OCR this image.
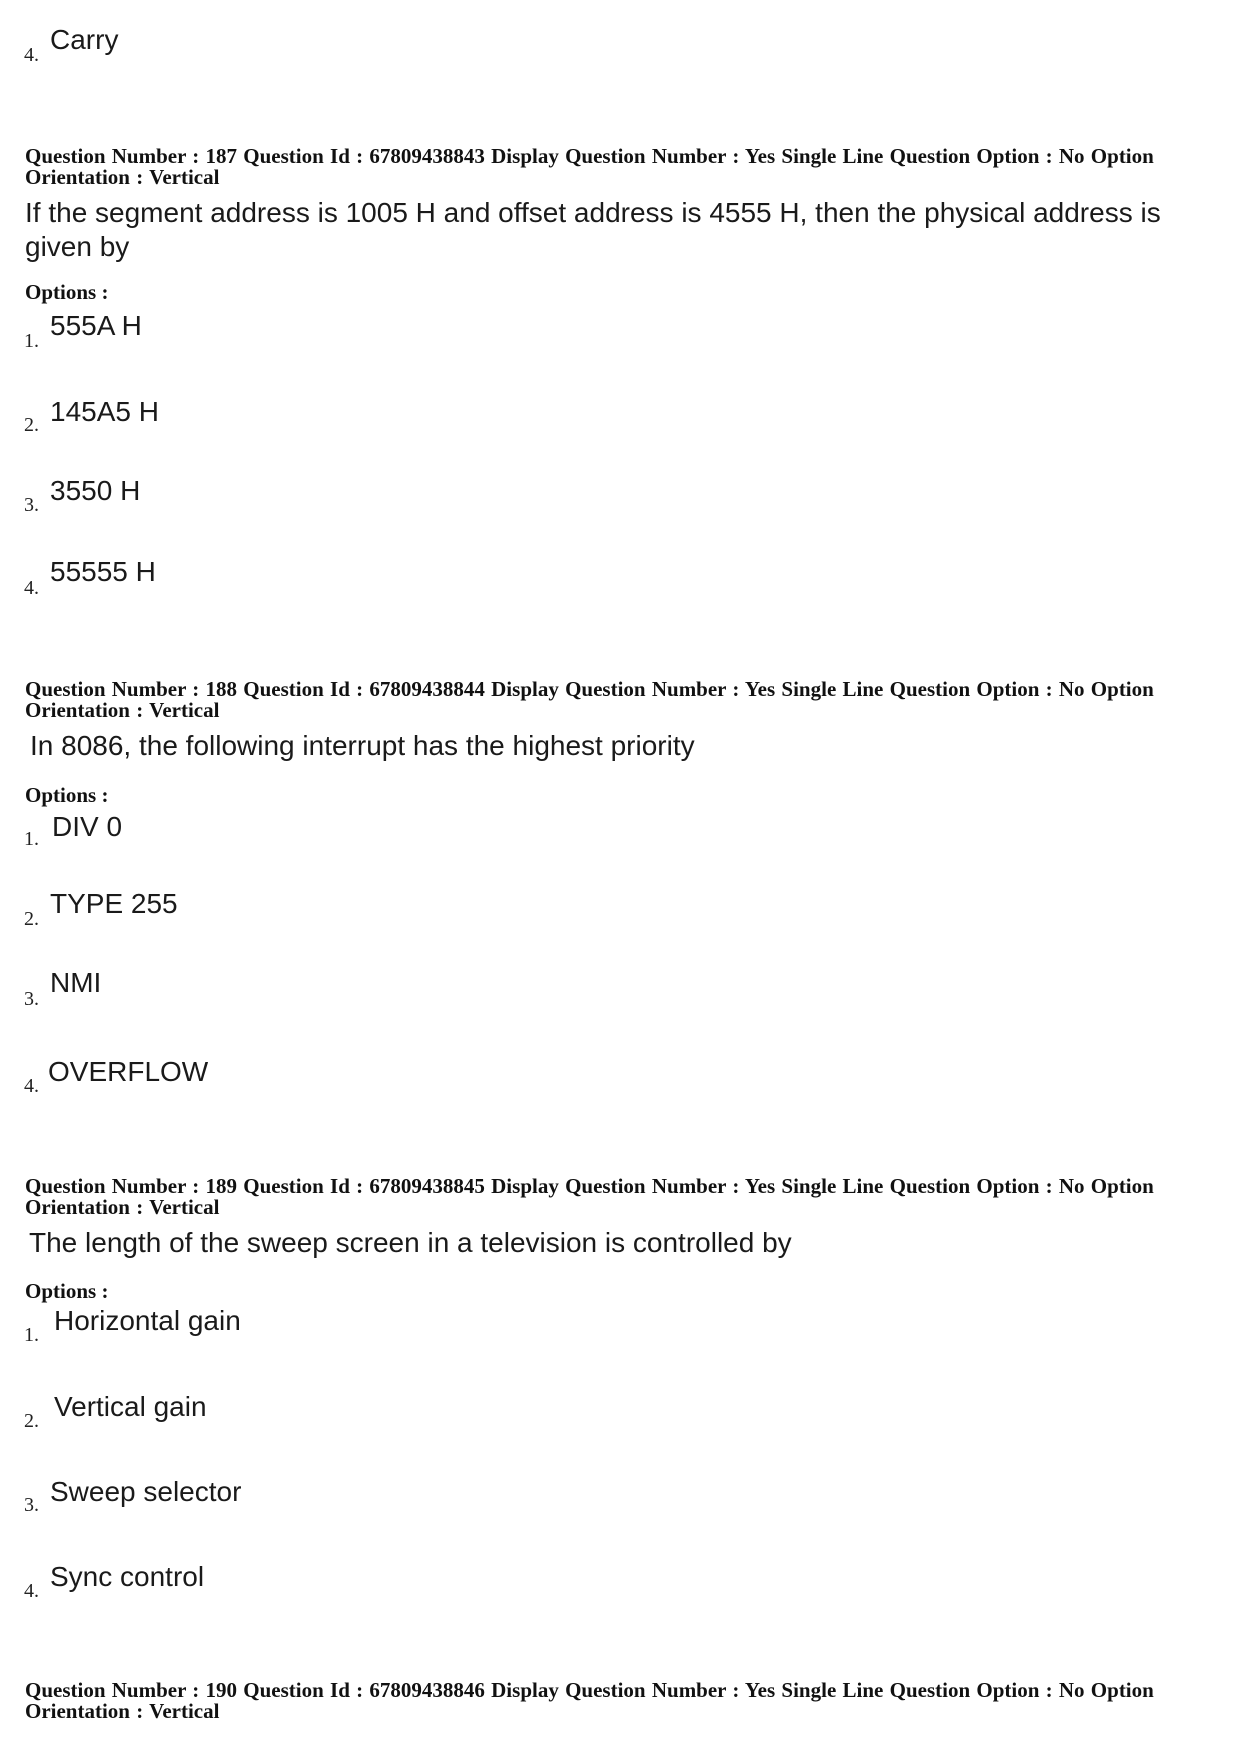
4. Carry

Question Number : 187 Question Id : 67809438843 Display Question Number : Yes Single Line Question Option : No Option

Orientation : Vertical

If the segment address is 1005 H and offset address is 4555 H, then the physical address is given by

Options :

1. 555A H
2. 145A5 H
3. 3550 H
4.
55555 H

Question Number : 188 Question Id : 67809438844 Display Question Number : Yes Single Line Question Option : No Option

Orientation : Vertical

In 8086, the following interrupt has the highest priority

Options :

1. DIV 0
2. TYPE 255
3.
NMI
4. OVERFLOW

Question Number : 189 Question Id : 67809438845 Display Question Number : Yes Single Line Question Option : No Option

Orientation : Vertical

The length of the sweep screen in a television is controlled by

Options :

1. Horizontal gain
2. Vertical gain
3. Sweep selector
4. Sync control

Question Number : 190 Question Id : 67809438846 Display Question Number : Yes Single Line Question Option : No Option

Orientation : Vertical
